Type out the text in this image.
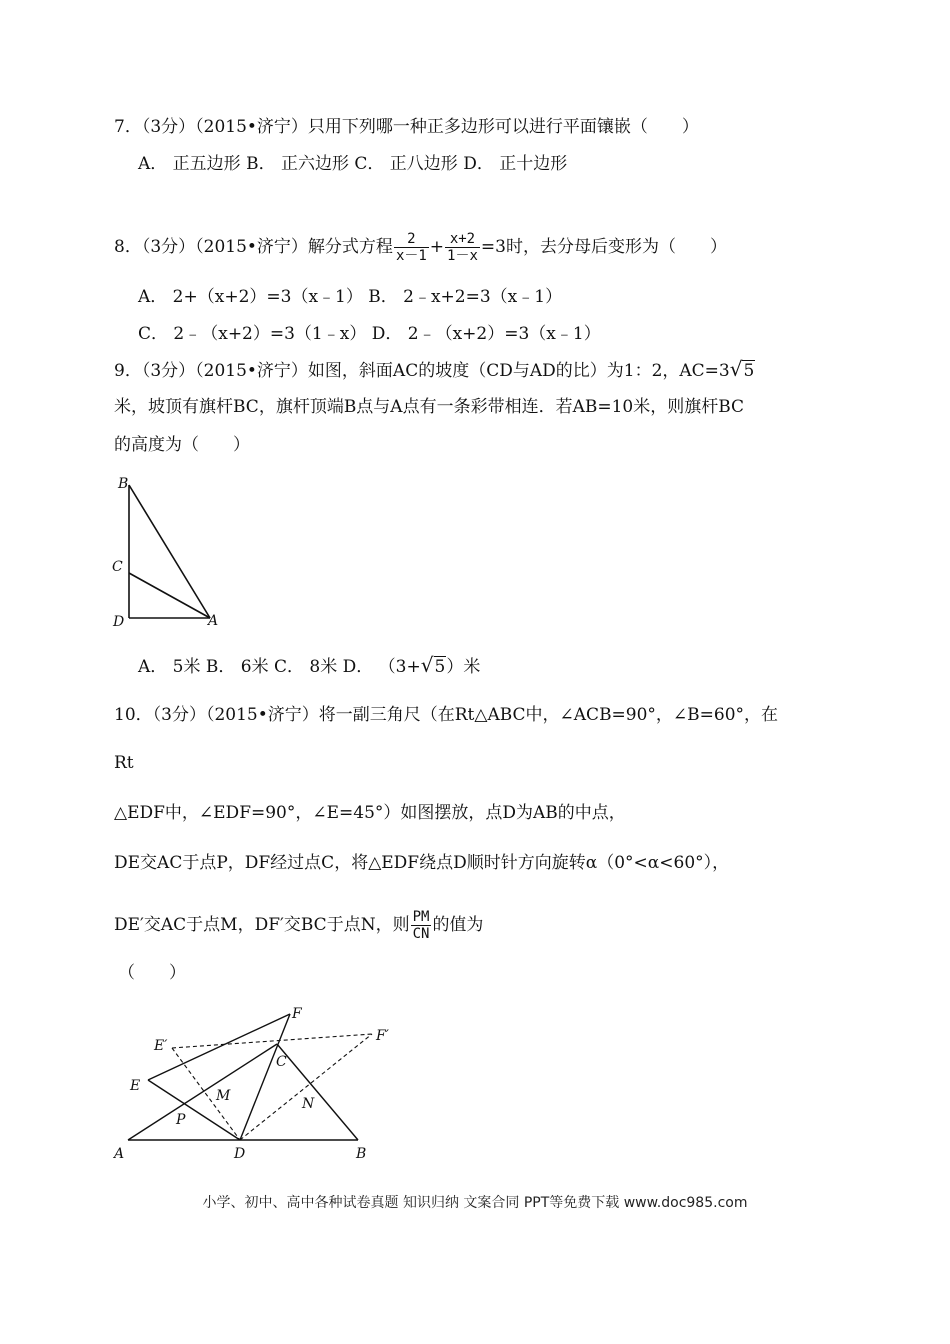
7．（3分）（2015•济宁）只用下列哪一种正多边形可以进行平面镶嵌（　　）
A． 正五边形 B． 正六边形 C． 正八边形 D． 正十边形
8．（3分）（2015•济宁）解分式方程 $\frac{2}{x-1} + \frac{x+2}{1-x} =3$时，去分母后变形为（　　）
A． 2+（x+2）=3（x﹣1） B． 2﹣x+2=3（x﹣1）
C． 2﹣（x+2）=3（1﹣x） D． 2﹣（x+2）=3（x﹣1）
9．（3分）（2015•济宁）如图，斜面AC的坡度（CD与AD的比）为1：2，AC=3√5
米，坡顶有旗杆BC，旗杆顶端B点与A点有一条彩带相连．若AB=10米，则旗杆BC
的高度为（　　）
B
C
D	A
A． 5米 B． 6米 C． 8米 D． （3+√5）米
10．（3分）（2015•济宁）将一副三角尺（在Rt△ABC中，∠ACB=90°，∠B=60°，在
Rt
△EDF中，∠EDF=90°，∠E=45°）如图摆放，点D为AB的中点，
DE交AC于点P，DF经过点C，将△EDF绕点D顺时针方向旋转α（0°<α<60°），
DE′交AC于点M，DF′交BC于点N，则 $\frac{PM}{CN}$ 的值为
（　　）
F
E′
F′
C
E
M	N
P
A	D	B
小学、初中、高中各种试卷真题 知识归纳 文案合同 PPT等免费下载 www.doc985.com
